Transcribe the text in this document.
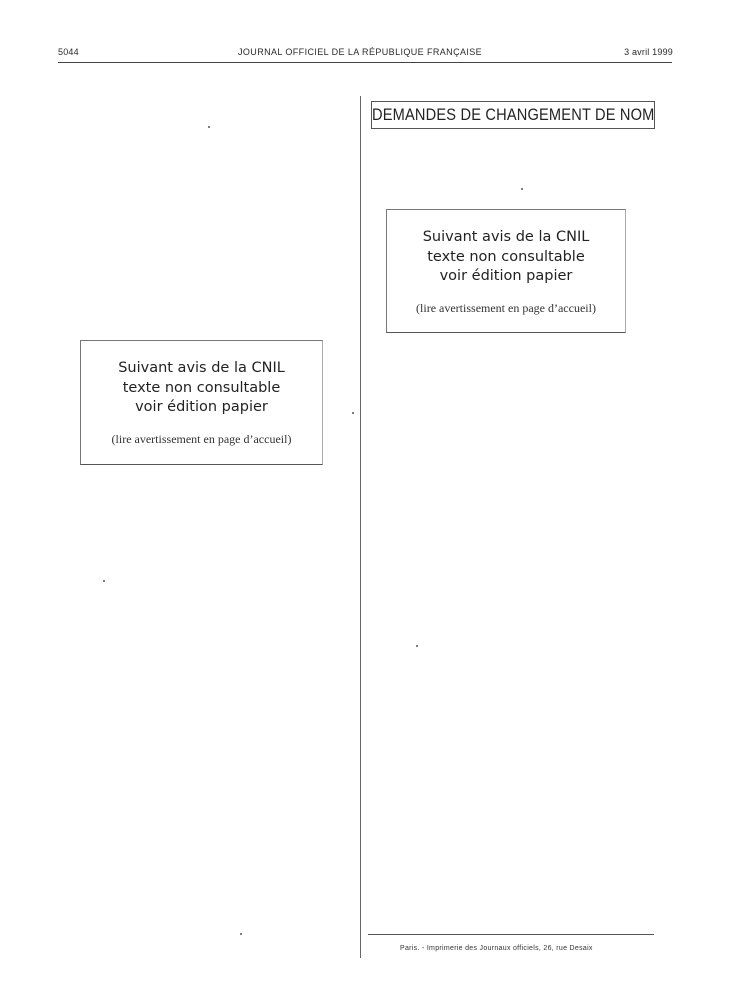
5044	JOURNAL OFFICIEL DE LA RÉPUBLIQUE FRANÇAISE	3 avril 1999
DEMANDES DE CHANGEMENT DE NOM
Suivant avis de la CNIL
texte non consultable
voir édition papier
(lire avertissement en page d’accueil)
Suivant avis de la CNIL
texte non consultable
voir édition papier
(lire avertissement en page d’accueil)
Paris. - Imprimerie des Journaux officiels, 26, rue Desaix
